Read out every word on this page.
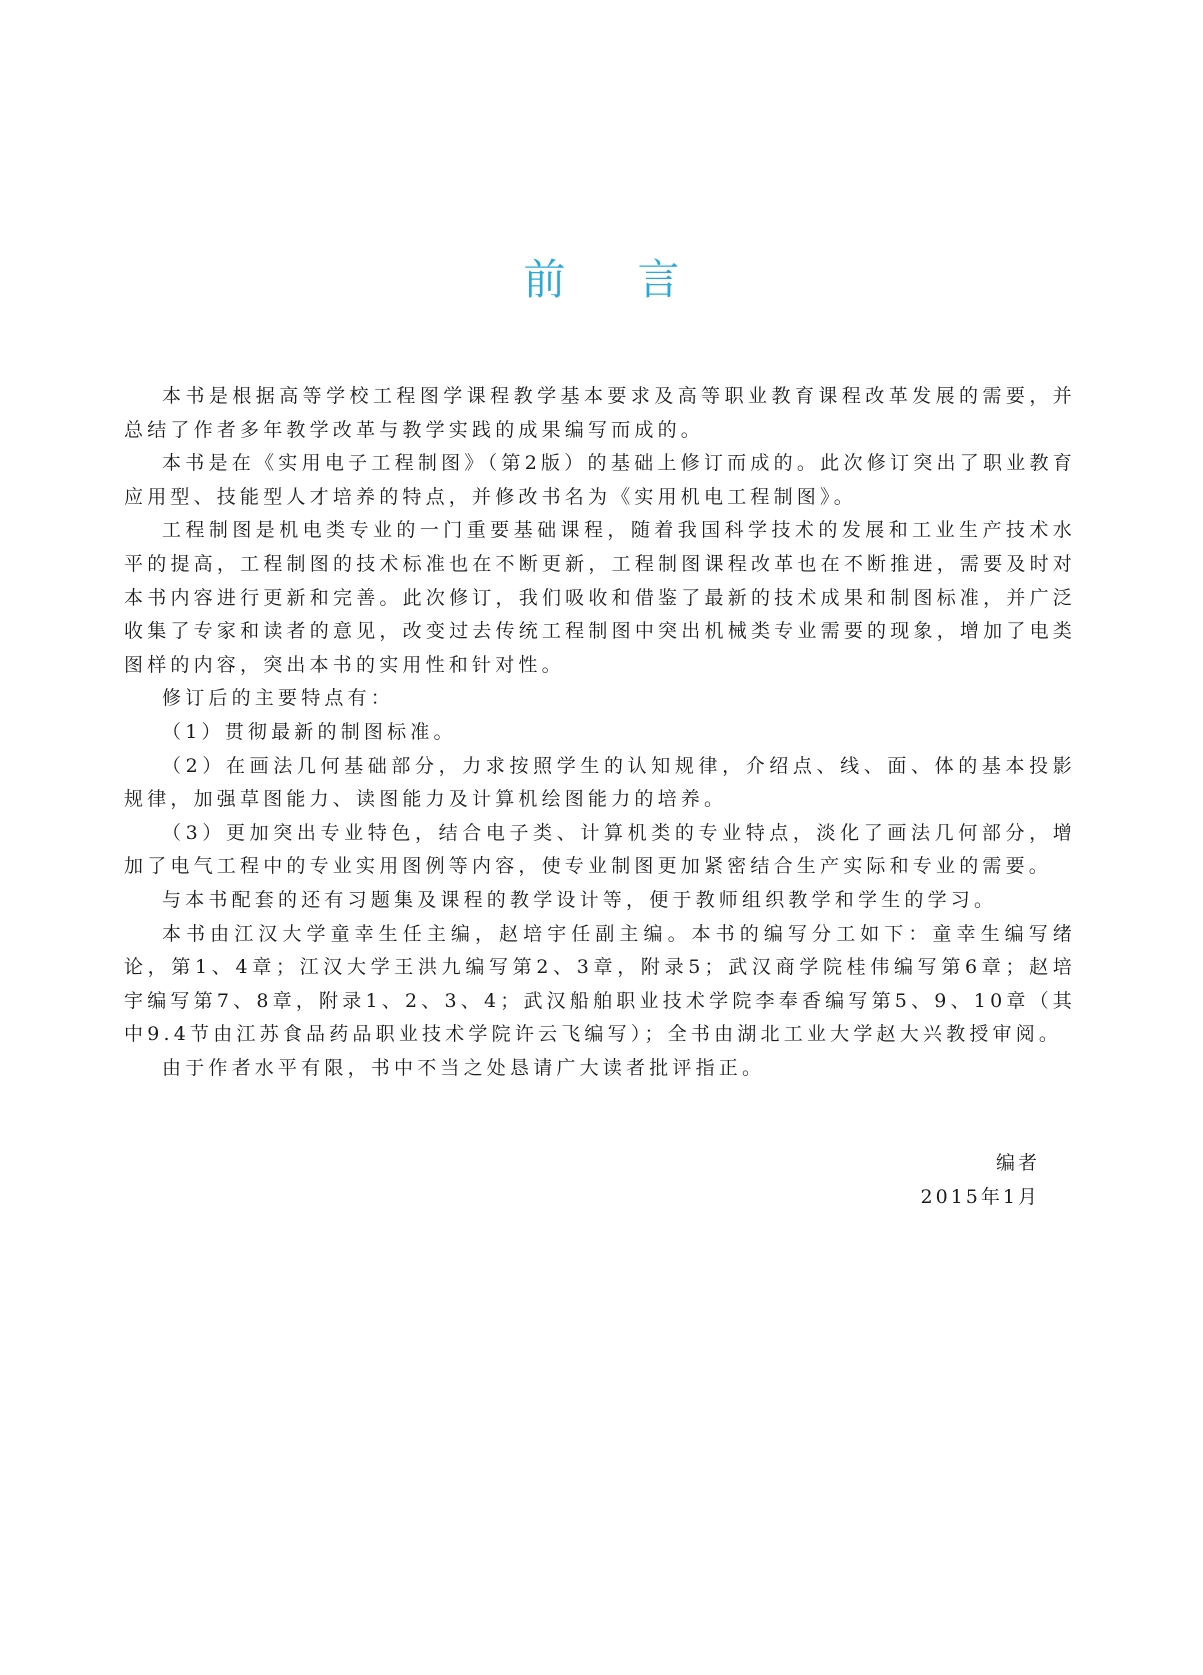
前言

本书是根据高等学校工程图学课程教学基本要求及高等职业教育课程改革发展的需要，并总结了作者多年教学改革与教学实践的成果编写而成的。

本书是在《实用电子工程制图》（第2版）的基础上修订而成的。此次修订突出了职业教育应用型、技能型人才培养的特点，并修改书名为《实用机电工程制图》。

工程制图是机电类专业的一门重要基础课程，随着我国科学技术的发展和工业生产技术水平的提高，工程制图的技术标准也在不断更新，工程制图课程改革也在不断推进，需要及时对本书内容进行更新和完善。此次修订，我们吸收和借鉴了最新的技术成果和制图标准，并广泛收集了专家和读者的意见，改变过去传统工程制图中突出机械类专业需要的现象，增加了电类图样的内容，突出本书的实用性和针对性。

修订后的主要特点有：

（1）贯彻最新的制图标准。

（2）在画法几何基础部分，力求按照学生的认知规律，介绍点、线、面、体的基本投影规律，加强草图能力、读图能力及计算机绘图能力的培养。

（3）更加突出专业特色，结合电子类、计算机类的专业特点，淡化了画法几何部分，增加了电气工程中的专业实用图例等内容，使专业制图更加紧密结合生产实际和专业的需要。

与本书配套的还有习题集及课程的教学设计等，便于教师组织教学和学生的学习。

本书由江汉大学童幸生任主编，赵培宇任副主编。本书的编写分工如下：童幸生编写绪论，第1、4章；江汉大学王洪九编写第2、3章，附录5；武汉商学院桂伟编写第6章；赵培宇编写第7、8章，附录1、2、3、4；武汉船舶职业技术学院李奉香编写第5、9、10章（其中9.4节由江苏食品药品职业技术学院许云飞编写）；全书由湖北工业大学赵大兴教授审阅。

由于作者水平有限，书中不当之处恳请广大读者批评指正。

编者
2015年1月
